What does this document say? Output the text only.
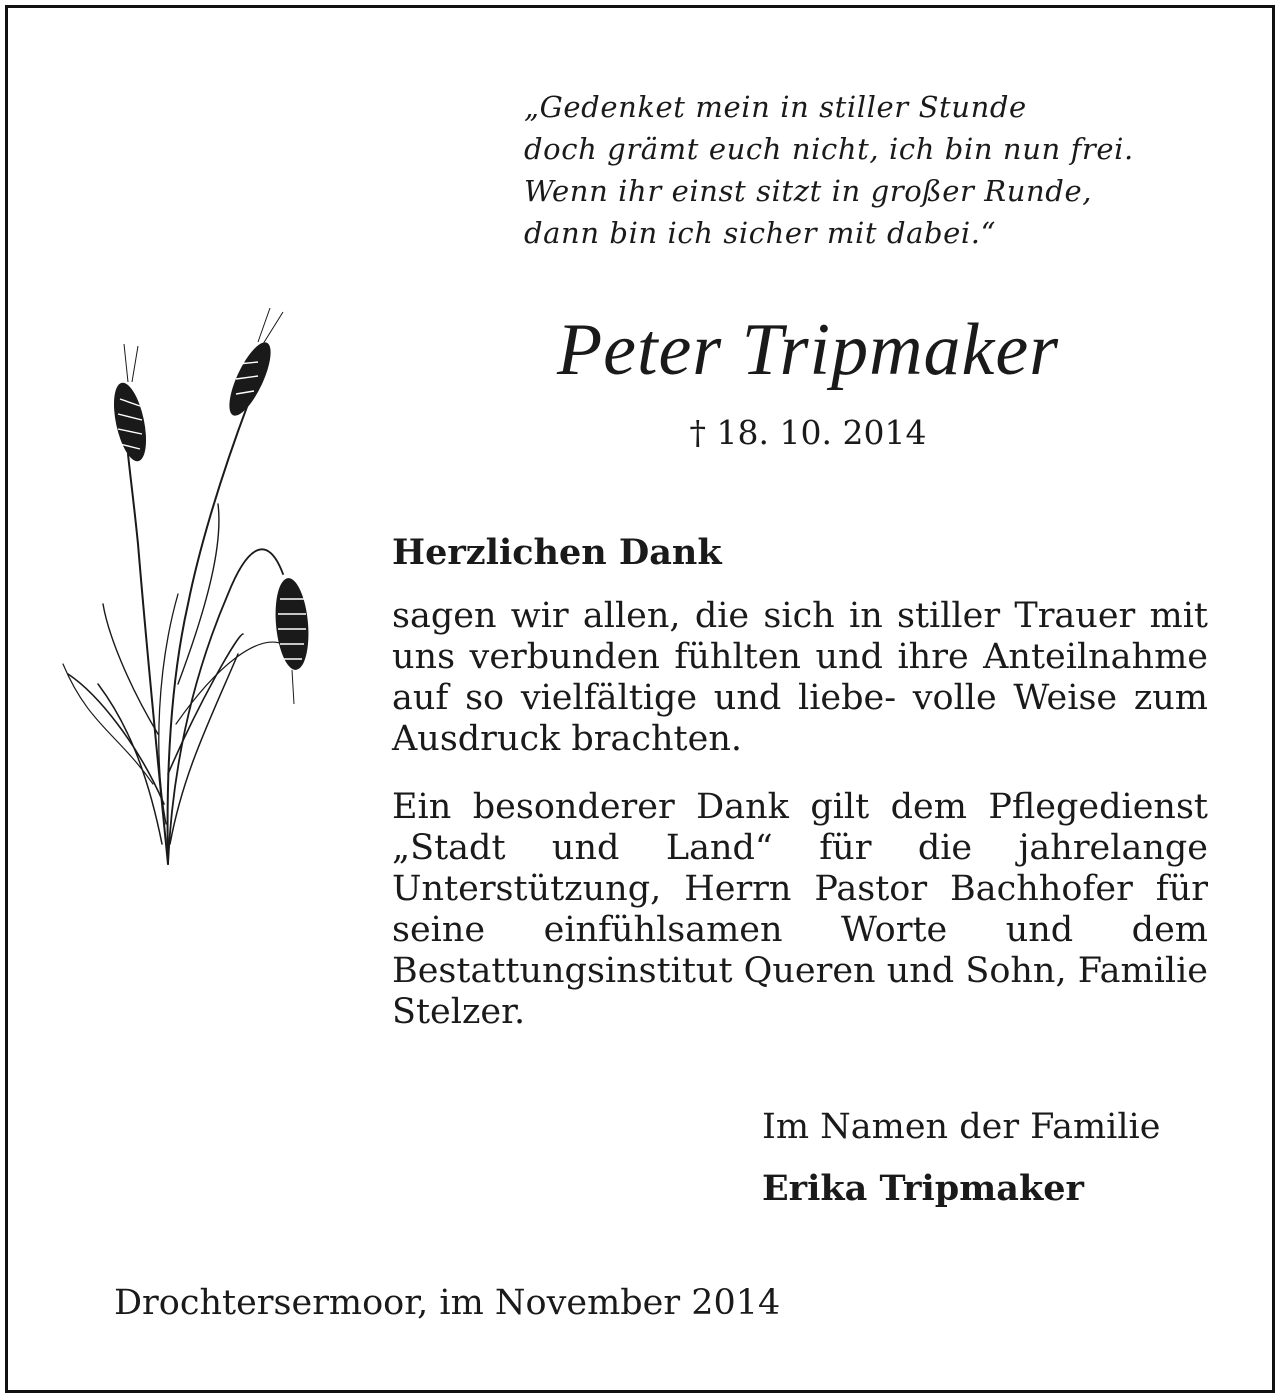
„Gedenket mein in stiller Stunde
doch grämt euch nicht, ich bin nun frei.
Wenn ihr einst sitzt in großer Runde,
dann bin ich sicher mit dabei.“
Peter Tripmaker
† 18. 10. 2014
Herzlichen Dank
sagen wir allen, die sich in stiller Trauer mit uns verbunden fühlten und ihre Anteilnahme auf so vielfältige und liebe- volle Weise zum Ausdruck brachten.
Ein besonderer Dank gilt dem Pflegedienst „Stadt und Land“ für die jahrelange Unterstützung, Herrn Pastor Bachhofer für seine einfühlsamen Worte und dem Bestattungsinstitut Queren und Sohn, Familie Stelzer.
Im Namen der Familie
Erika Tripmaker
Drochtersermoor, im November 2014
